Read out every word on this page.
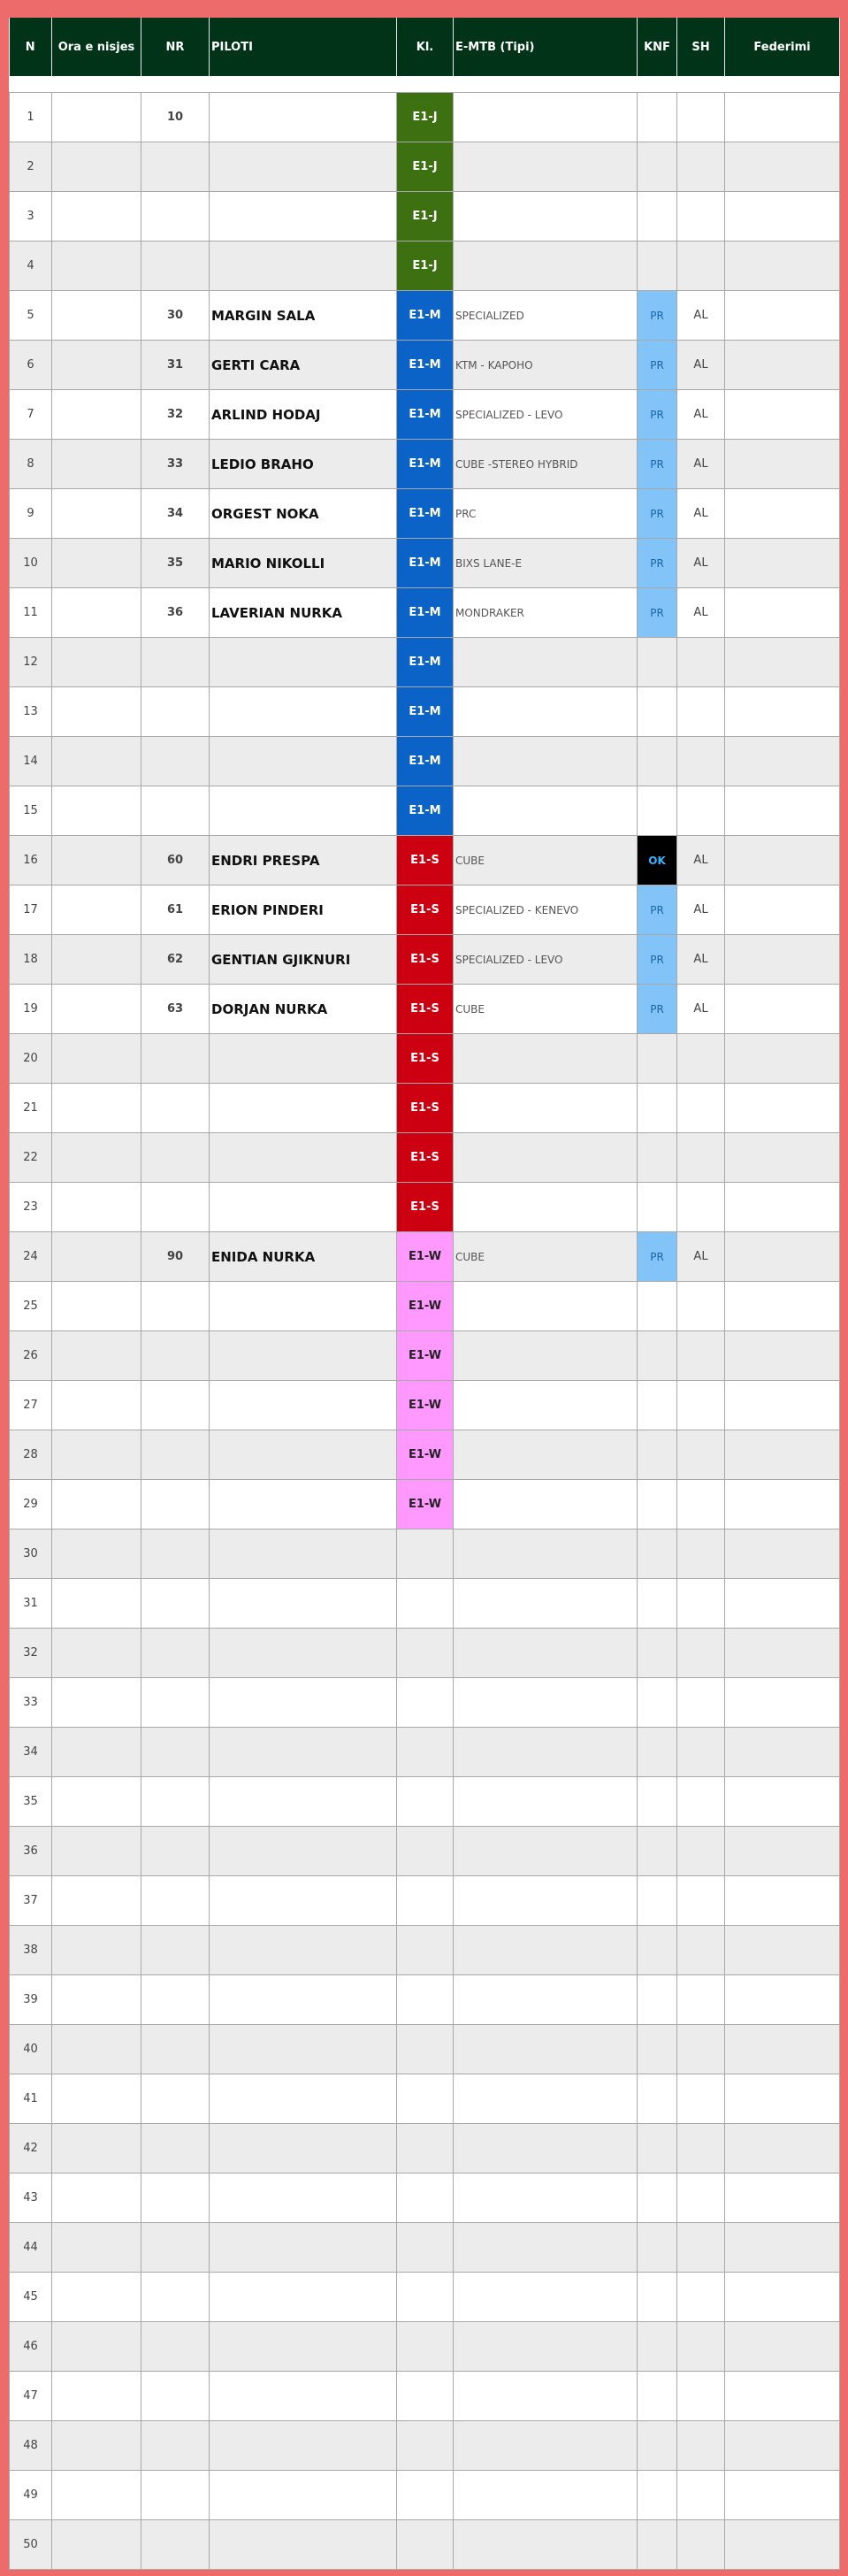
N	Ora e nisjes	NR	PILOTI	Kl.	E-MTB (Tipi)	KNF	SH	Federimi

1		10		E1-J				
2				E1-J				
3				E1-J				
4				E1-J				
5		30	MARGIN SALA	E1-M	SPECIALIZED	PR	AL	
6		31	GERTI CARA	E1-M	KTM - KAPOHO	PR	AL	
7		32	ARLIND HODAJ	E1-M	SPECIALIZED - LEVO	PR	AL	
8		33	LEDIO BRAHO	E1-M	CUBE -STEREO HYBRID	PR	AL	
9		34	ORGEST NOKA	E1-M	PRC	PR	AL	
10		35	MARIO NIKOLLI	E1-M	BIXS LANE-E	PR	AL	
11		36	LAVERIAN NURKA	E1-M	MONDRAKER	PR	AL	
12				E1-M				
13				E1-M				
14				E1-M				
15				E1-M				
16		60	ENDRI PRESPA	E1-S	CUBE	OK	AL	
17		61	ERION PINDERI	E1-S	SPECIALIZED - KENEVO	PR	AL	
18		62	GENTIAN GJIKNURI	E1-S	SPECIALIZED - LEVO	PR	AL	
19		63	DORJAN NURKA	E1-S	CUBE	PR	AL	
20				E1-S				
21				E1-S				
22				E1-S				
23				E1-S				
24		90	ENIDA NURKA	E1-W	CUBE	PR	AL	
25				E1-W				
26				E1-W				
27				E1-W				
28				E1-W				
29				E1-W				
30								
31								
32								
33								
34								
35								
36								
37								
38								
39								
40								
41								
42								
43								
44								
45								
46								
47								
48								
49								
50								
